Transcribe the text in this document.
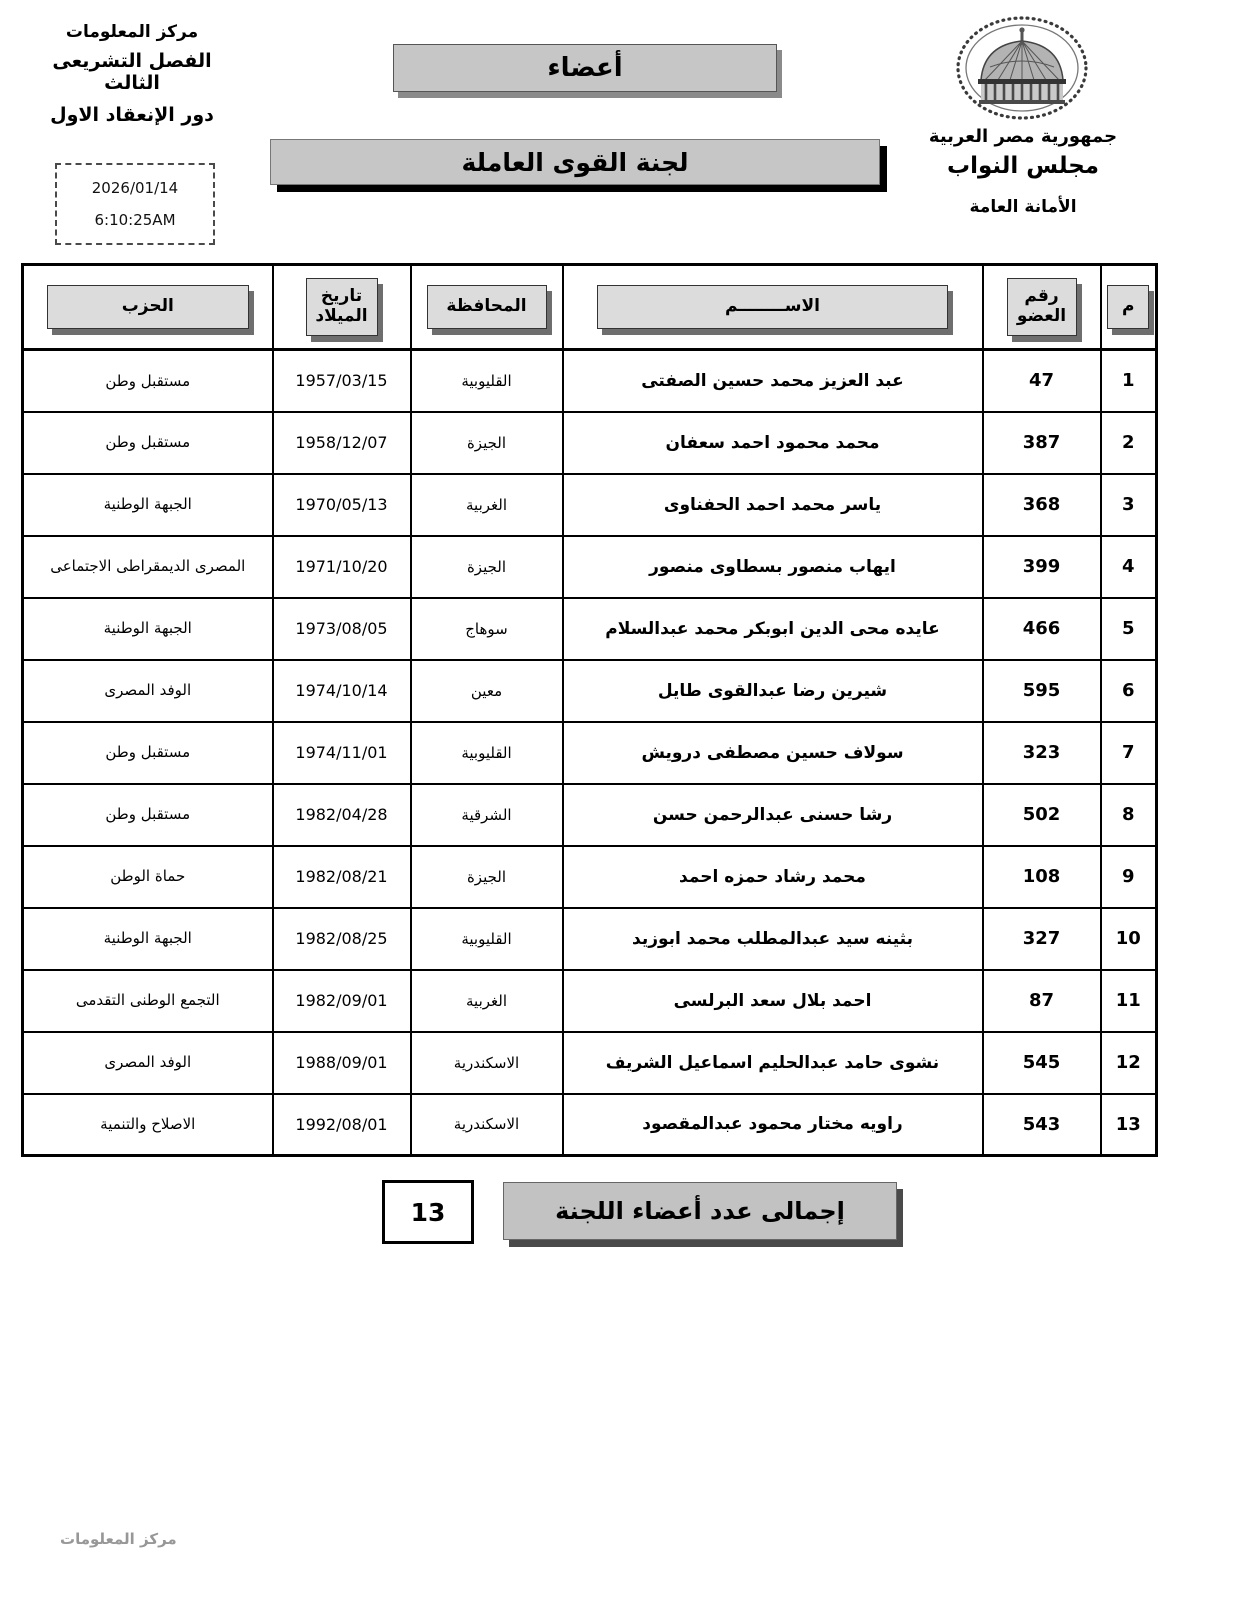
مركز المعلومات
الفصل التشريعى الثالث
دور الإنعقاد الاول
2026/01/14
6:10:25AM
أعضاء
لجنة القوى العاملة
جمهورية مصر العربية
مجلس النواب
الأمانة العامة
م	رقم العضو	الاســــــــم	المحافظة	تاريخ الميلاد	الحزب
1	47	عبد العزيز محمد حسين الصفتى	القليوبية	1957/03/15	مستقبل وطن
2	387	محمد محمود احمد سعفان	الجيزة	1958/12/07	مستقبل وطن
3	368	ياسر محمد احمد الحفناوى	الغربية	1970/05/13	الجبهة الوطنية
4	399	ايهاب منصور بسطاوى منصور	الجيزة	1971/10/20	المصرى الديمقراطى الاجتماعى
5	466	عايده محى الدين ابوبكر محمد عبدالسلام	سوهاج	1973/08/05	الجبهة الوطنية
6	595	شيرين رضا عبدالقوى طايل	معين	1974/10/14	الوفد المصرى
7	323	سولاف حسين مصطفى درويش	القليوبية	1974/11/01	مستقبل وطن
8	502	رشا حسنى عبدالرحمن حسن	الشرقية	1982/04/28	مستقبل وطن
9	108	محمد رشاد حمزه احمد	الجيزة	1982/08/21	حماة الوطن
10	327	بثينه سيد عبدالمطلب محمد ابوزيد	القليوبية	1982/08/25	الجبهة الوطنية
11	87	احمد بلال سعد البرلسى	الغربية	1982/09/01	التجمع الوطنى التقدمى
12	545	نشوى حامد عبدالحليم اسماعيل الشريف	الاسكندرية	1988/09/01	الوفد المصرى
13	543	راويه مختار محمود عبدالمقصود	الاسكندرية	1992/08/01	الاصلاح والتنمية
13	إجمالى عدد أعضاء اللجنة
مركز المعلومات
